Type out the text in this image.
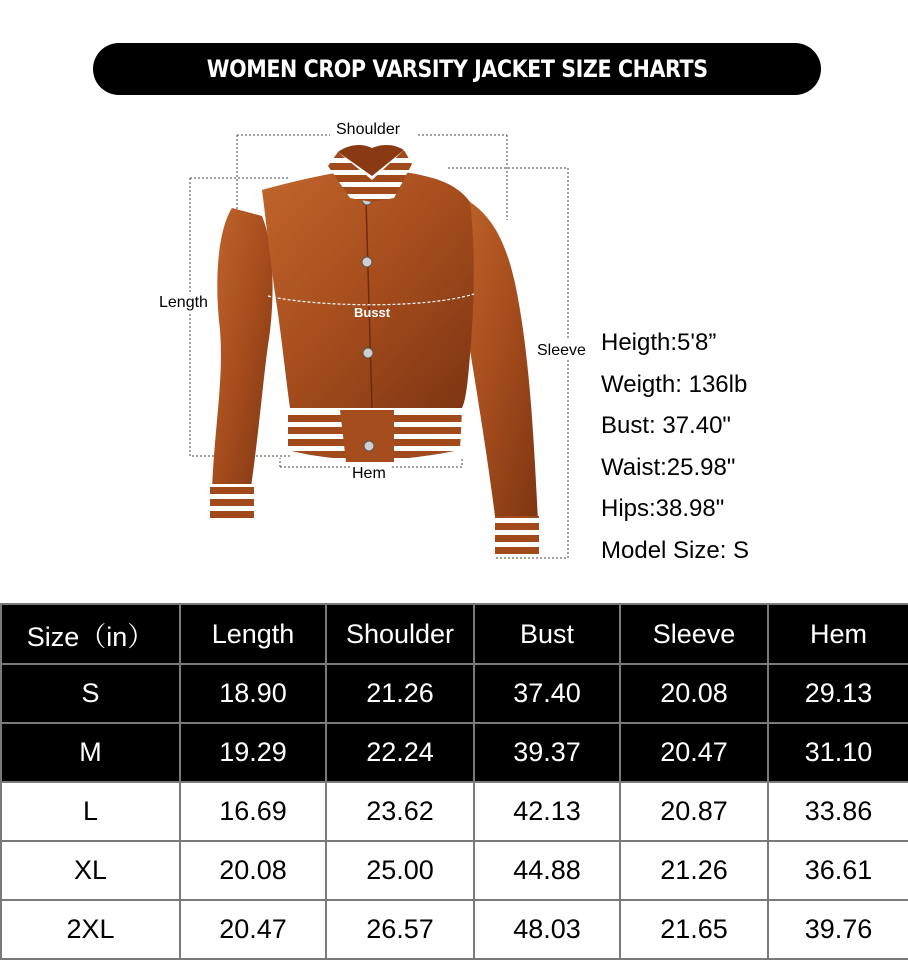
WOMEN CROP VARSITY JACKET SIZE CHARTS
Shoulder
Length
Busst
Sleeve
Hem
Heigth:5'8”
Weigth: 136lb
Bust: 37.40"
Waist:25.98"
Hips:38.98"
Model Size: S
Size（in）	Length	Shoulder	Bust	Sleeve	Hem
S	18.90	21.26	37.40	20.08	29.13
M	19.29	22.24	39.37	20.47	31.10
L	16.69	23.62	42.13	20.87	33.86
XL	20.08	25.00	44.88	21.26	36.61
2XL	20.47	26.57	48.03	21.65	39.76
